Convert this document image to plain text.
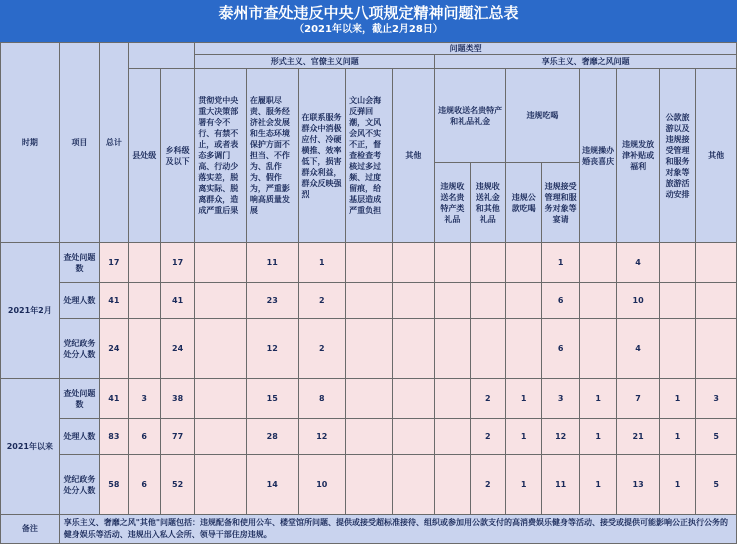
泰州市查处违反中央八项规定精神问题汇总表
（2021年以来，截止2月28日）
时期	项目	总计			问题类型												
					形式主义、官僚主义问题					享乐主义、奢靡之风问题							
			县处级	乡科级及以下	贯彻党中央重大决策部署有令不行、有禁不止，或者表态多调门高、行动少落实差，脱离实际、脱离群众，造成严重后果	在履职尽责、服务经济社会发展和生态环境保护方面不担当、不作为、乱作为、假作为，严重影响高质量发展	在联系服务群众中消极应付、冷硬横推、效率低下，损害群众利益，群众反映强烈	文山会海反弹回潮，文风会风不实不正，督查检查考核过多过频、过度留痕，给基层造成严重负担	其他	违规收送名贵特产和礼品礼金		违规吃喝		违规操办婚丧喜庆	违规发放津补贴或福利	公款旅游以及违规接受管理和服务对象等旅游活动安排	其他
										违规收送名贵特产类礼品	违规收送礼金和其他礼品	违规公款吃喝	违规接受管理和服务对象等宴请				
2021年2月	查处问题数	17		17		11	1						1		4		
	处理人数	41		41		23	2						6		10		
	党纪政务处分人数	24		24		12	2						6		4		
2021年以来	查处问题数	41	3	38		15	8				2	1	3	1	7	1	3
	处理人数	83	6	77		28	12				2	1	12	1	21	1	5
	党纪政务处分人数	58	6	52		14	10				2	1	11	1	13	1	5
备注	享乐主义、奢靡之风"其他"问题包括：违规配备和使用公车、楼堂馆所问题、提供或接受超标准接待、组织或参加用公款支付的高消费娱乐健身等活动、接受或提供可能影响公正执行公务的健身娱乐等活动、违规出入私人会所、领导干部住房违规。																
